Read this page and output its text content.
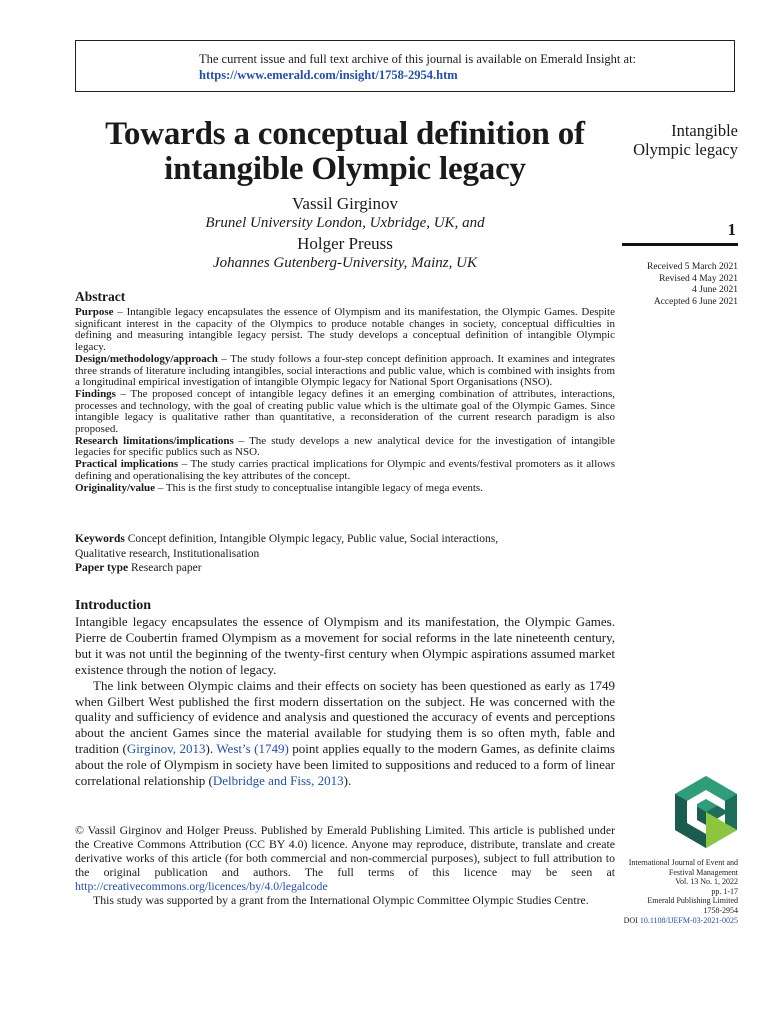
The current issue and full text archive of this journal is available on Emerald Insight at:
https://www.emerald.com/insight/1758-2954.htm
Towards a conceptual definition of intangible Olympic legacy
Vassil Girginov
Brunel University London, Uxbridge, UK, and
Holger Preuss
Johannes Gutenberg-University, Mainz, UK
Intangible
Olympic legacy
1
Received 5 March 2021
Revised 4 May 2021
4 June 2021
Accepted 6 June 2021
Abstract

Purpose – Intangible legacy encapsulates the essence of Olympism and its manifestation, the Olympic Games. Despite significant interest in the capacity of the Olympics to produce notable changes in society, conceptual difficulties in defining and measuring intangible legacy persist. The study develops a conceptual definition of intangible Olympic legacy.

Design/methodology/approach – The study follows a four-step concept definition approach. It examines and integrates three strands of literature including intangibles, social interactions and public value, which is combined with insights from a longitudinal empirical investigation of intangible Olympic legacy for National Sport Organisations (NSO).

Findings – The proposed concept of intangible legacy defines it an emerging combination of attributes, interactions, processes and technology, with the goal of creating public value which is the ultimate goal of the Olympic Games. Since intangible legacy is qualitative rather than quantitative, a reconsideration of the current research paradigm is also proposed.

Research limitations/implications – The study develops a new analytical device for the investigation of intangible legacies for specific publics such as NSO.

Practical implications – The study carries practical implications for Olympic and events/festival promoters as it allows defining and operationalising the key attributes of the concept.

Originality/value – This is the first study to conceptualise intangible legacy of mega events.

Keywords Concept definition, Intangible Olympic legacy, Public value, Social interactions,

Qualitative research, Institutionalisation

Paper type Research paper
Introduction

Intangible legacy encapsulates the essence of Olympism and its manifestation, the Olympic Games. Pierre de Coubertin framed Olympism as a movement for social reforms in the late nineteenth century, but it was not until the beginning of the twenty-first century when Olympic aspirations assumed market existence through the notion of legacy.

The link between Olympic claims and their effects on society has been questioned as early as 1749 when Gilbert West published the first modern dissertation on the subject. He was concerned with the quality and sufficiency of evidence and analysis and questioned the accuracy of events and perceptions about the ancient Games since the material available for studying them is so often myth, fable and tradition (Girginov, 2013). West’s (1749) point applies equally to the modern Games, as definite claims about the role of Olympism in society have been limited to suppositions and reduced to a form of linear correlational relationship (Delbridge and Fiss, 2013).

© Vassil Girginov and Holger Preuss. Published by Emerald Publishing Limited. This article is published under the Creative Commons Attribution (CC BY 4.0) licence. Anyone may reproduce, distribute, translate and create derivative works of this article (for both commercial and non-commercial purposes), subject to full attribution to the original publication and authors. The full terms of this licence may be seen at http://creativecommons.org/licences/by/4.0/legalcode

This study was supported by a grant from the International Olympic Committee Olympic Studies Centre.

International Journal of Event and
Festival Management
Vol. 13 No. 1, 2022
pp. 1-17
Emerald Publishing Limited
1758-2954
DOI 10.1108/IJEFM-03-2021-0025
